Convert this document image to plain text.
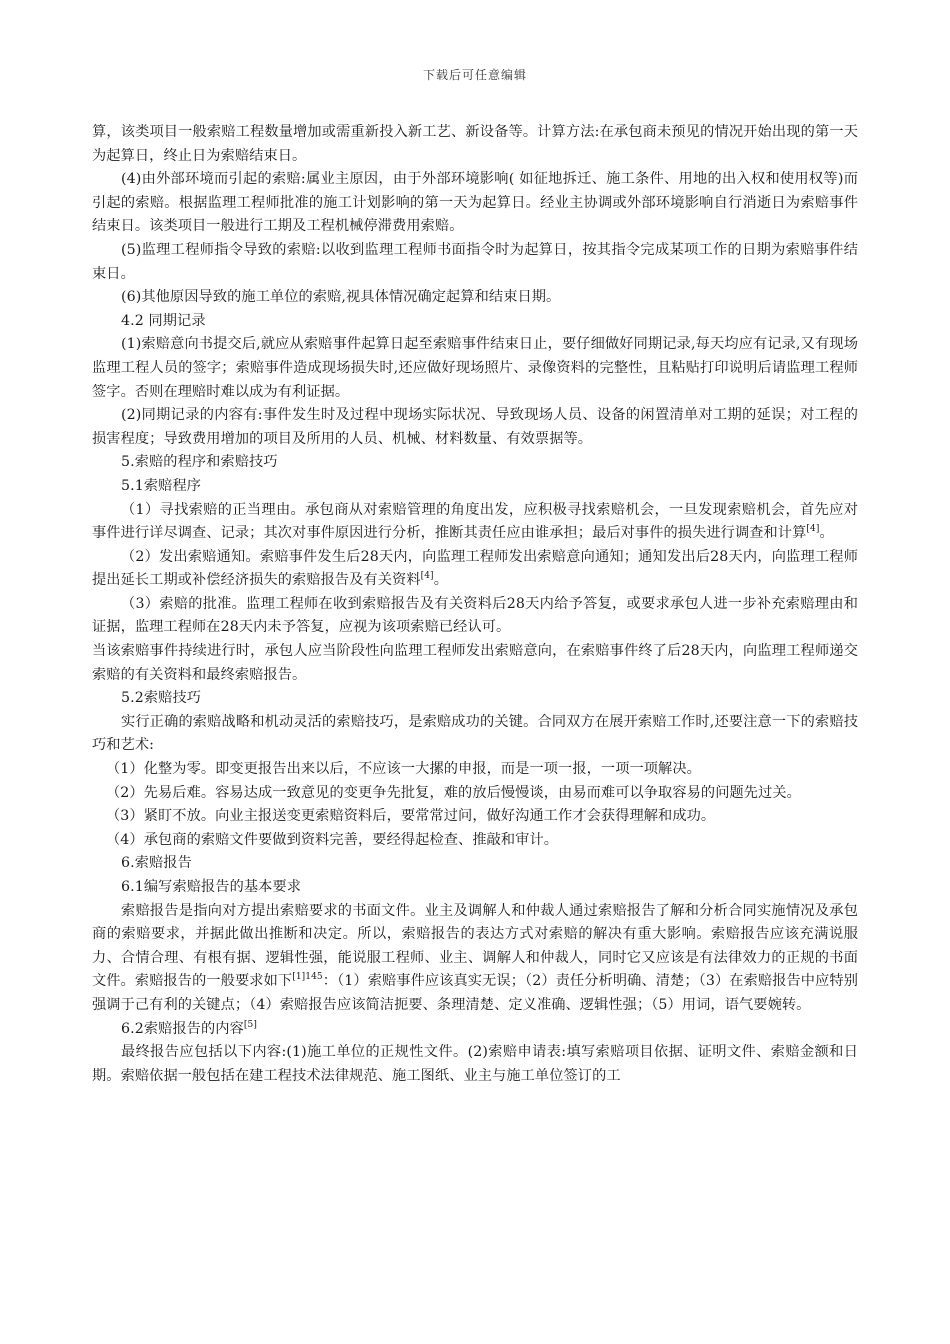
下载后可任意编辑

算，该类项目一般索赔工程数量增加或需重新投入新工艺、新设备等。计算方法:在承包商未预见的情况开始出现的第一天为起算日，终止日为索赔结束日。

(4)由外部环境而引起的索赔:属业主原因，由于外部环境影响( 如征地拆迁、施工条件、用地的出入权和使用权等)而引起的索赔。根据监理工程师批准的施工计划影响的第一天为起算日。经业主协调或外部环境影响自行消逝日为索赔事件结束日。该类项目一般进行工期及工程机械停滞费用索赔。

(5)监理工程师指令导致的索赔:以收到监理工程师书面指令时为起算日，按其指令完成某项工作的日期为索赔事件结束日。

(6)其他原因导致的施工单位的索赔,视具体情况确定起算和结束日期。

4.2 同期记录

(1)索赔意向书提交后,就应从索赔事件起算日起至索赔事件结束日止，要仔细做好同期记录,每天均应有记录,又有现场监理工程人员的签字；索赔事件造成现场损失时,还应做好现场照片、录像资料的完整性，且粘贴打印说明后请监理工程师签字。否则在理赔时难以成为有利证据。

(2)同期记录的内容有:事件发生时及过程中现场实际状况、导致现场人员、设备的闲置清单对工期的延误；对工程的损害程度；导致费用增加的项目及所用的人员、机械、材料数量、有效票据等。

5.索赔的程序和索赔技巧

5.1索赔程序

（1）寻找索赔的正当理由。承包商从对索赔管理的角度出发，应积极寻找索赔机会，一旦发现索赔机会，首先应对事件进行详尽调查、记录；其次对事件原因进行分析，推断其责任应由谁承担；最后对事件的损失进行调查和计算[4]。

（2）发出索赔通知。索赔事件发生后28天内，向监理工程师发出索赔意向通知；通知发出后28天内，向监理工程师提出延长工期或补偿经济损失的索赔报告及有关资料[4]。

（3）索赔的批准。监理工程师在收到索赔报告及有关资料后28天内给予答复，或要求承包人进一步补充索赔理由和证据，监理工程师在28天内未予答复，应视为该项索赔已经认可。

当该索赔事件持续进行时，承包人应当阶段性向监理工程师发出索赔意向，在索赔事件终了后28天内，向监理工程师递交索赔的有关资料和最终索赔报告。

5.2索赔技巧

实行正确的索赔战略和机动灵活的索赔技巧，是索赔成功的关键。合同双方在展开索赔工作时,还要注意一下的索赔技巧和艺术:

（1）化整为零。即变更报告出来以后，不应该一大摞的申报，而是一项一报，一项一项解决。

（2）先易后难。容易达成一致意见的变更争先批复，难的放后慢慢谈，由易而难可以争取容易的问题先过关。

（3）紧盯不放。向业主报送变更索赔资料后，要常常过问，做好沟通工作才会获得理解和成功。

（4）承包商的索赔文件要做到资料完善，要经得起检查、推敲和审计。

6.索赔报告

6.1编写索赔报告的基本要求

索赔报告是指向对方提出索赔要求的书面文件。业主及调解人和仲裁人通过索赔报告了解和分析合同实施情况及承包商的索赔要求，并据此做出推断和决定。所以，索赔报告的表达方式对索赔的解决有重大影响。索赔报告应该充满说服力、合情合理、有根有据、逻辑性强，能说服工程师、业主、调解人和仲裁人，同时它又应该是有法律效力的正规的书面文件。索赔报告的一般要求如下$^{[1]145}$：（1）索赔事件应该真实无误；（2）责任分析明确、清楚；（3）在索赔报告中应特别强调于己有利的关键点；（4）索赔报告应该简洁扼要、条理清楚、定义准确、逻辑性强；（5）用词，语气要婉转。

6.2索赔报告的内容[5]

最终报告应包括以下内容:(1)施工单位的正规性文件。(2)索赔申请表:填写索赔项目依据、证明文件、索赔金额和日期。索赔依据一般包括在建工程技术法律规范、施工图纸、业主与施工单位签订的工
